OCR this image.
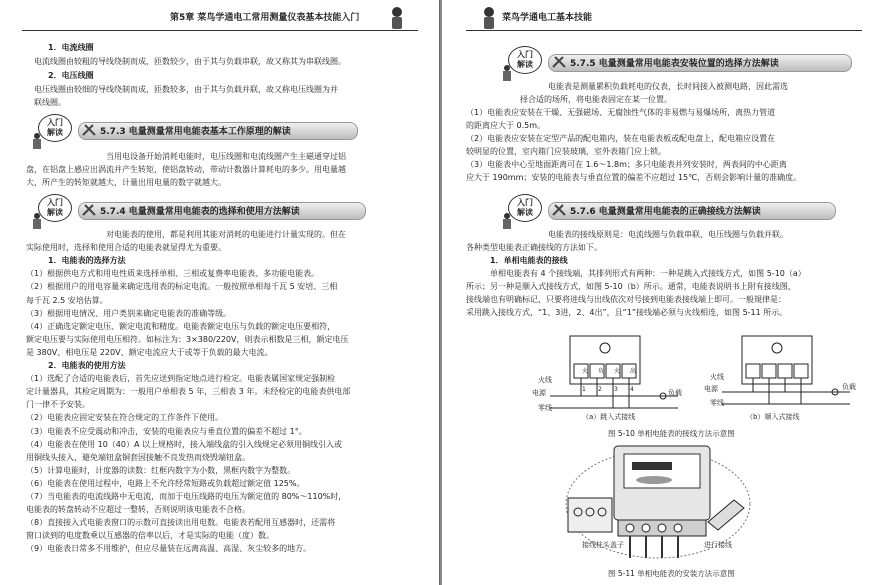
第5章 菜鸟学通电工常用测量仪表基本技能入门
1．电流线圈
电流线圈由较粗的导线绕制而成，匝数较少，由于其与负载串联，故又称其为串联线圈。
2．电压线圈
电压线圈由较细的导线绕制而成，匝数较多，由于其与负载并联，故又称电压线圈为并
联线圈。
入门
解读	5.7.3 电量测量常用电能表基本工作原理的解读
当用电设备开始消耗电能时，电压线圈和电流线圈产生主磁通穿过铝
盘，在铝盘上感应出涡流并产生转矩，使铝盘转动，带动计数器计算耗电的多少。用电量越
大，所产生的转矩就越大，计量出用电量的数字就越大。
入门
解读	5.7.4 电量测量常用电能表的选择和使用方法解读
对电能表的使用，都是利用其能对消耗的电能进行计量实现的。但在
实际使用时，选择和使用合适的电能表就显得尤为重要。
1．电能表的选择方法
（1）根据供电方式和用电性质来选择单相、三相或复费率电能表、多功能电能表。
（2）根据用户的用电容量来确定选用表的标定电流。一般按照单相每千瓦 5 安培、三相
每千瓦 2.5 安培估算。
（3）根据用电情况、用户类别来确定电能表的准确等级。
（4）正确选定额定电压、额定电流和精度。电能表额定电压与负载的额定电压要相符，
额定电压要与实际使用电压相符。如标注为：3×380/220V，则表示相数是三相，额定电压
是 380V、相电压是 220V、额定电流应大于或等于负载的最大电流。
2．电能表的使用方法
（1）选配了合适的电能表后，首先应送到指定地点进行检定。电能表属国家规定强制检
定计量器具，其检定周期为：一般用户单相表 5 年，三相表 3 年。未经检定的电能表供电部
门一律不予安装。
（2）电能表应固定安装在符合规定的工作条件下使用。
（3）电能表不应受震动和冲击，安装的电能表应与垂直位置的偏差不超过 1°。
（4）电能表在使用 10（40）A 以上规格时，接入端线盒的引入线规定必须用铜线引入或
用铜线头接入，避免端钮盒铜套因接触不良发热而烧毁端钮盒。
（5）计算电能时，计度器的读数：红框内数字为小数，黑框内数字为整数。
（6）电能表在使用过程中，电路上不允许经常短路或负载超过额定值 125%。
（7）当电能表的电流线路中无电流，而加于电压线路的电压为额定值的 80%～110%时，
电能表的转盘转动不应超过一整转，否则说明该电能表不合格。
（8）直接接入式电能表窗口的示数可直接读出用电数。电能表若配用互感器时，还需将
窗口读到的电度数乘以互感器的倍率以后，才是实际的电能（度）数。
（9）电能表日常多不用维护，但应尽量装在远离高温、高湿、灰尘较多的地方。
菜鸟学通电工基本技能
入门
解读	5.7.5 电量测量常用电能表安装位置的选择方法解读
电能表是测量累积负载耗电的仪表，长时间接入被测电路，因此需选
择合适的场所，将电能表固定在某一位置。
（1）电能表应安装在干燥、无强磁场、无腐蚀性气体的非易燃与易爆场所，离热力管道
的距离应大于 0.5m。
（2）电能表应安装在定型产品的配电箱内，装在电能表板或配电盘上，配电箱应设置在
较明显的位置，室内箱门应装玻璃，室外表箱门应上锁。
（3）电能表中心至地面距离可在 1.6～1.8m；多只电能表并列安装时，两表间的中心距离
应大于 190mm；安装的电能表与垂直位置的偏差不应超过 15℃，否则会影响计量的准确度。
入门
解读	5.7.6 电量测量常用电能表的正确接线方法解读
电能表的接线原则是：电流线圈与负载串联、电压线圈与负载并联。
各种类型电能表正确接线的方法如下。
1．单相电能表的接线
单相电能表有 4 个接线端，其排列形式有两种：一种是跳入式接线方式，如图 5-10（a）
所示；另一种是顺入式接线方式，如图 5-10（b）所示。通常，电能表说明书上附有接线图，
接线端也有明确标记，只要将进线与出线依次对号接到电能表接线端上即可。一般規律是：
采用跳入接线方式，“1、3进，2、4出”，且“1”接线端必须与火线相连，如图 5-11 所示。
火 负 火 出
1 2 3 4
火线
电源
零线
负载
（a）跳入式接线
火线
电源
零线
负载
（b）顺入式接线
图 5-10 单相电能表的接线方法示意图
接线柱头盖子	进行接线
图 5-11 单相电能表的安装方法示意图
